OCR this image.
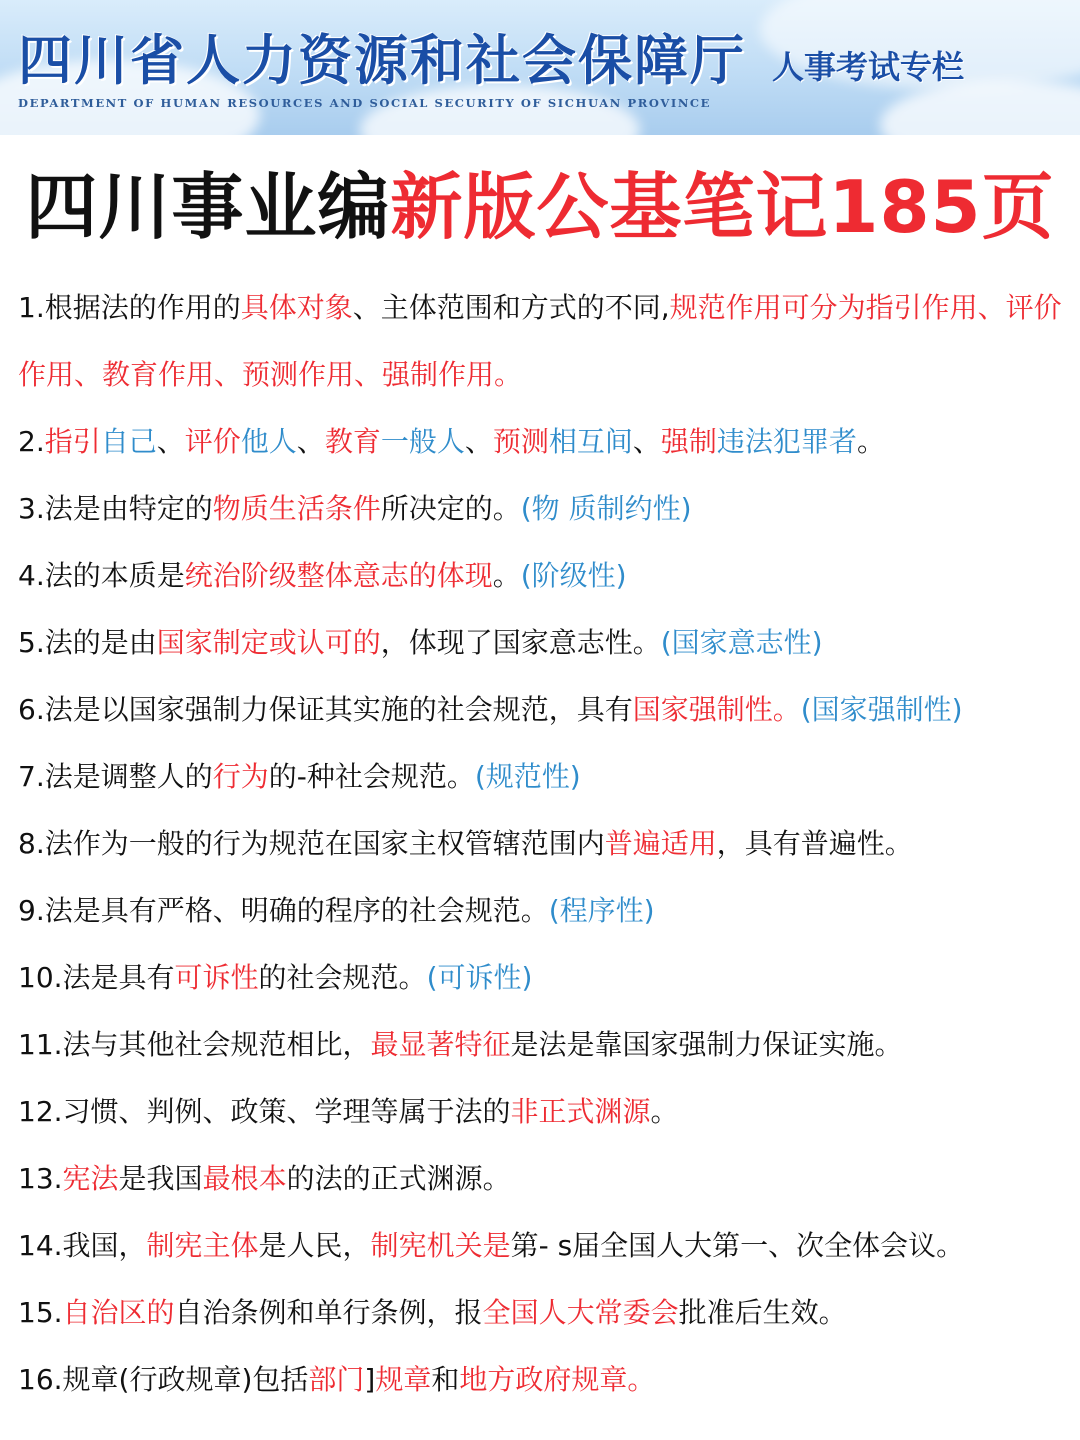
四川省人力资源和社会保障厅
DEPARTMENT OF HUMAN RESOURCES AND SOCIAL SECURITY OF SICHUAN PROVINCE
人事考试专栏
四川事业编新版公基笔记185页

1.根据法的作用的具体对象、主体范围和方式的不同,规范作用可分为指引作用、评价作用、教育作用、预测作用、强制作用。

2.指引自己、评价他人、教育一般人、预测相互间、强制违法犯罪者。

3.法是由特定的物质生活条件所决定的。(物 质制约性)

4.法的本质是统治阶级整体意志的体现。(阶级性)

5.法的是由国家制定或认可的，体现了国家意志性。(国家意志性)

6.法是以国家强制力保证其实施的社会规范，具有国家强制性。(国家强制性)

7.法是调整人的行为的-种社会规范。(规范性)

8.法作为一般的行为规范在国家主权管辖范围内普遍适用，具有普遍性。

9.法是具有严格、明确的程序的社会规范。(程序性)

10.法是具有可诉性的社会规范。(可诉性)

11.法与其他社会规范相比，最显著特征是法是靠国家强制力保证实施。

12.习惯、判例、政策、学理等属于法的非正式渊源。

13.宪法是我国最根本的法的正式渊源。

14.我国，制宪主体是人民，制宪机关是第- s届全国人大第一、次全体会议。

15.自治区的自治条例和单行条例，报全国人大常委会批准后生效。

16.规章(行政规章)包括部门]规章和地方政府规章。
